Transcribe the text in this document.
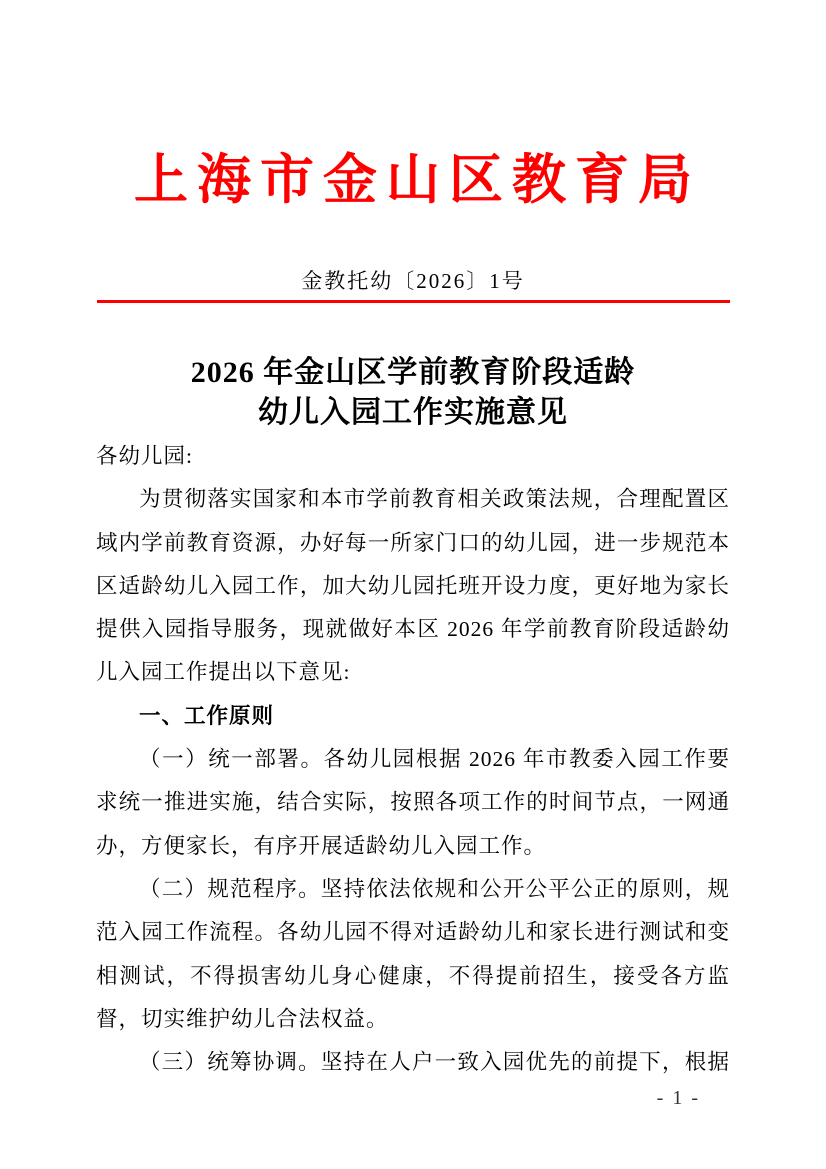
上海市金山区教育局
金教托幼〔2026〕1号
2026 年金山区学前教育阶段适龄
幼儿入园工作实施意见

各幼儿园:

为贯彻落实国家和本市学前教育相关政策法规，合理配置区域内学前教育资源，办好每一所家门口的幼儿园，进一步规范本区适龄幼儿入园工作，加大幼儿园托班开设力度，更好地为家长提供入园指导服务，现就做好本区 2026 年学前教育阶段适龄幼儿入园工作提出以下意见:

一、工作原则

（一）统一部署。各幼儿园根据 2026 年市教委入园工作要求统一推进实施，结合实际，按照各项工作的时间节点，一网通办，方便家长，有序开展适龄幼儿入园工作。

（二）规范程序。坚持依法依规和公开公平公正的原则，规范入园工作流程。各幼儿园不得对适龄幼儿和家长进行测试和变相测试，不得损害幼儿身心健康，不得提前招生，接受各方监督，切实维护幼儿合法权益。

（三）统筹协调。坚持在人户一致入园优先的前提下，根据

- 1 -
